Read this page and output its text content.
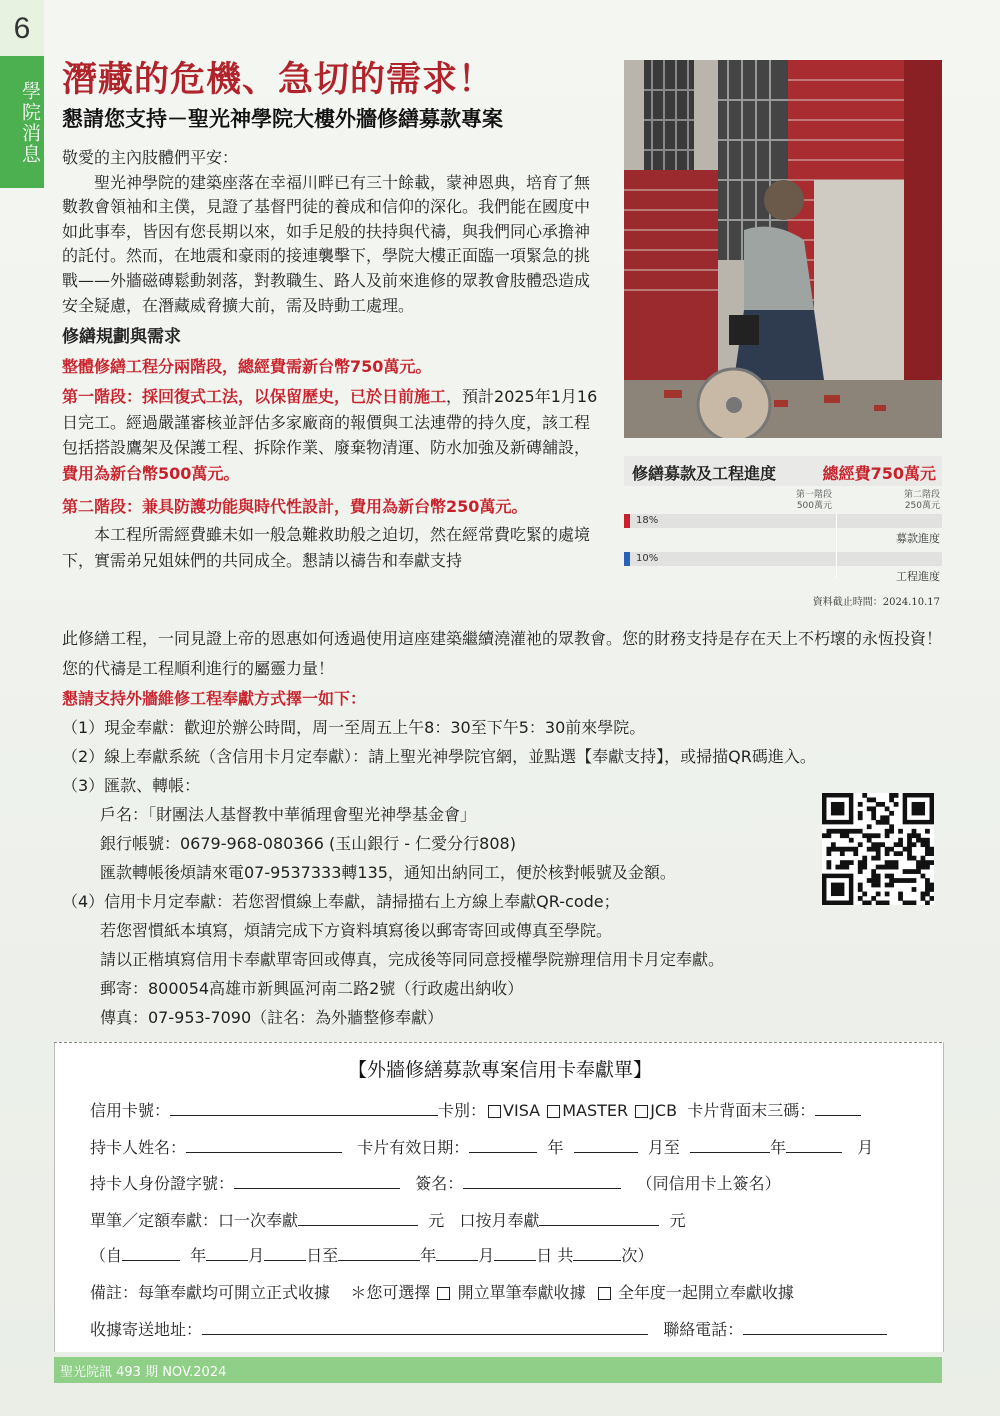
6
學院消息
潛藏的危機、急切的需求！
懇請您支持－聖光神學院大樓外牆修繕募款專案

敬愛的主內肢體們平安：

聖光神學院的建築座落在幸福川畔已有三十餘載，蒙神恩典，培育了無數教會領袖和主僕，見證了基督門徒的養成和信仰的深化。我們能在國度中如此事奉，皆因有您長期以來，如手足般的扶持與代禱，與我們同心承擔神的託付。然而，在地震和豪雨的接連襲擊下，學院大樓正面臨一項緊急的挑戰——外牆磁磚鬆動剝落，對教職生、路人及前來進修的眾教會肢體恐造成安全疑慮，在潛藏威脅擴大前，需及時動工處理。

修繕規劃與需求

整體修繕工程分兩階段，總經費需新台幣750萬元。

第一階段：採回復式工法，以保留歷史，已於日前施工，預計2025年1月16日完工。經過嚴謹審核並評估多家廠商的報價與工法連帶的持久度，該工程包括搭設鷹架及保護工程、拆除作業、廢棄物清運、防水加強及新磚舖設，費用為新台幣500萬元。

第二階段：兼具防護功能與時代性設計，費用為新台幣250萬元。

本工程所需經費雖未如一般急難救助般之迫切，然在經常費吃緊的處境下，實需弟兄姐妹們的共同成全。懇請以禱告和奉獻支持

修繕募款及工程進度	總經費750萬元
第一階段
500萬元
第二階段
250萬元
18%
募款進度
10%
工程進度
資料截止時間：2024.10.17

此修繕工程，一同見證上帝的恩惠如何透過使用這座建築繼續澆灌祂的眾教會。您的財務支持是存在天上不朽壞的永恆投資！您的代禱是工程順利進行的屬靈力量！

懇請支持外牆維修工程奉獻方式擇一如下：

（1）現金奉獻：歡迎於辦公時間，周一至周五上午8：30至下午5：30前來學院。

（2）線上奉獻系統（含信用卡月定奉獻）：請上聖光神學院官網，並點選【奉獻支持】，或掃描QR碼進入。

（3）匯款、轉帳：

戶名：「財團法人基督教中華循理會聖光神學基金會」

銀行帳號：0679-968-080366 (玉山銀行 - 仁愛分行808)

匯款轉帳後煩請來電07-9537333轉135，通知出納同工，便於核對帳號及金額。

（4）信用卡月定奉獻：若您習慣線上奉獻，請掃描右上方線上奉獻QR-code；

若您習慣紙本填寫，煩請完成下方資料填寫後以郵寄寄回或傳真至學院。

請以正楷填寫信用卡奉獻單寄回或傳真，完成後等同同意授權學院辦理信用卡月定奉獻。

郵寄：800054高雄市新興區河南二路2號（行政處出納收）

傳真：07-953-7090（註名：為外牆整修奉獻）

【外牆修繕募款專案信用卡奉獻單】
信用卡號：	卡別： VISA MASTER JCB 卡片背面末三碼：
持卡人姓名：	卡片有效日期：	年	月至	年	月
持卡人身份證字號：	簽名：	（同信用卡上簽名）
單筆／定額奉獻：口一次奉獻	元 口按月奉獻	元
（自	年	月	日至	年	月	日 共	次）
備註：每筆奉獻均可開立正式收據 ＊您可選擇 開立單筆奉獻收據 全年度一起開立奉獻收據
收據寄送地址：	聯絡電話：
聖光院訊 493 期 NOV.2024
